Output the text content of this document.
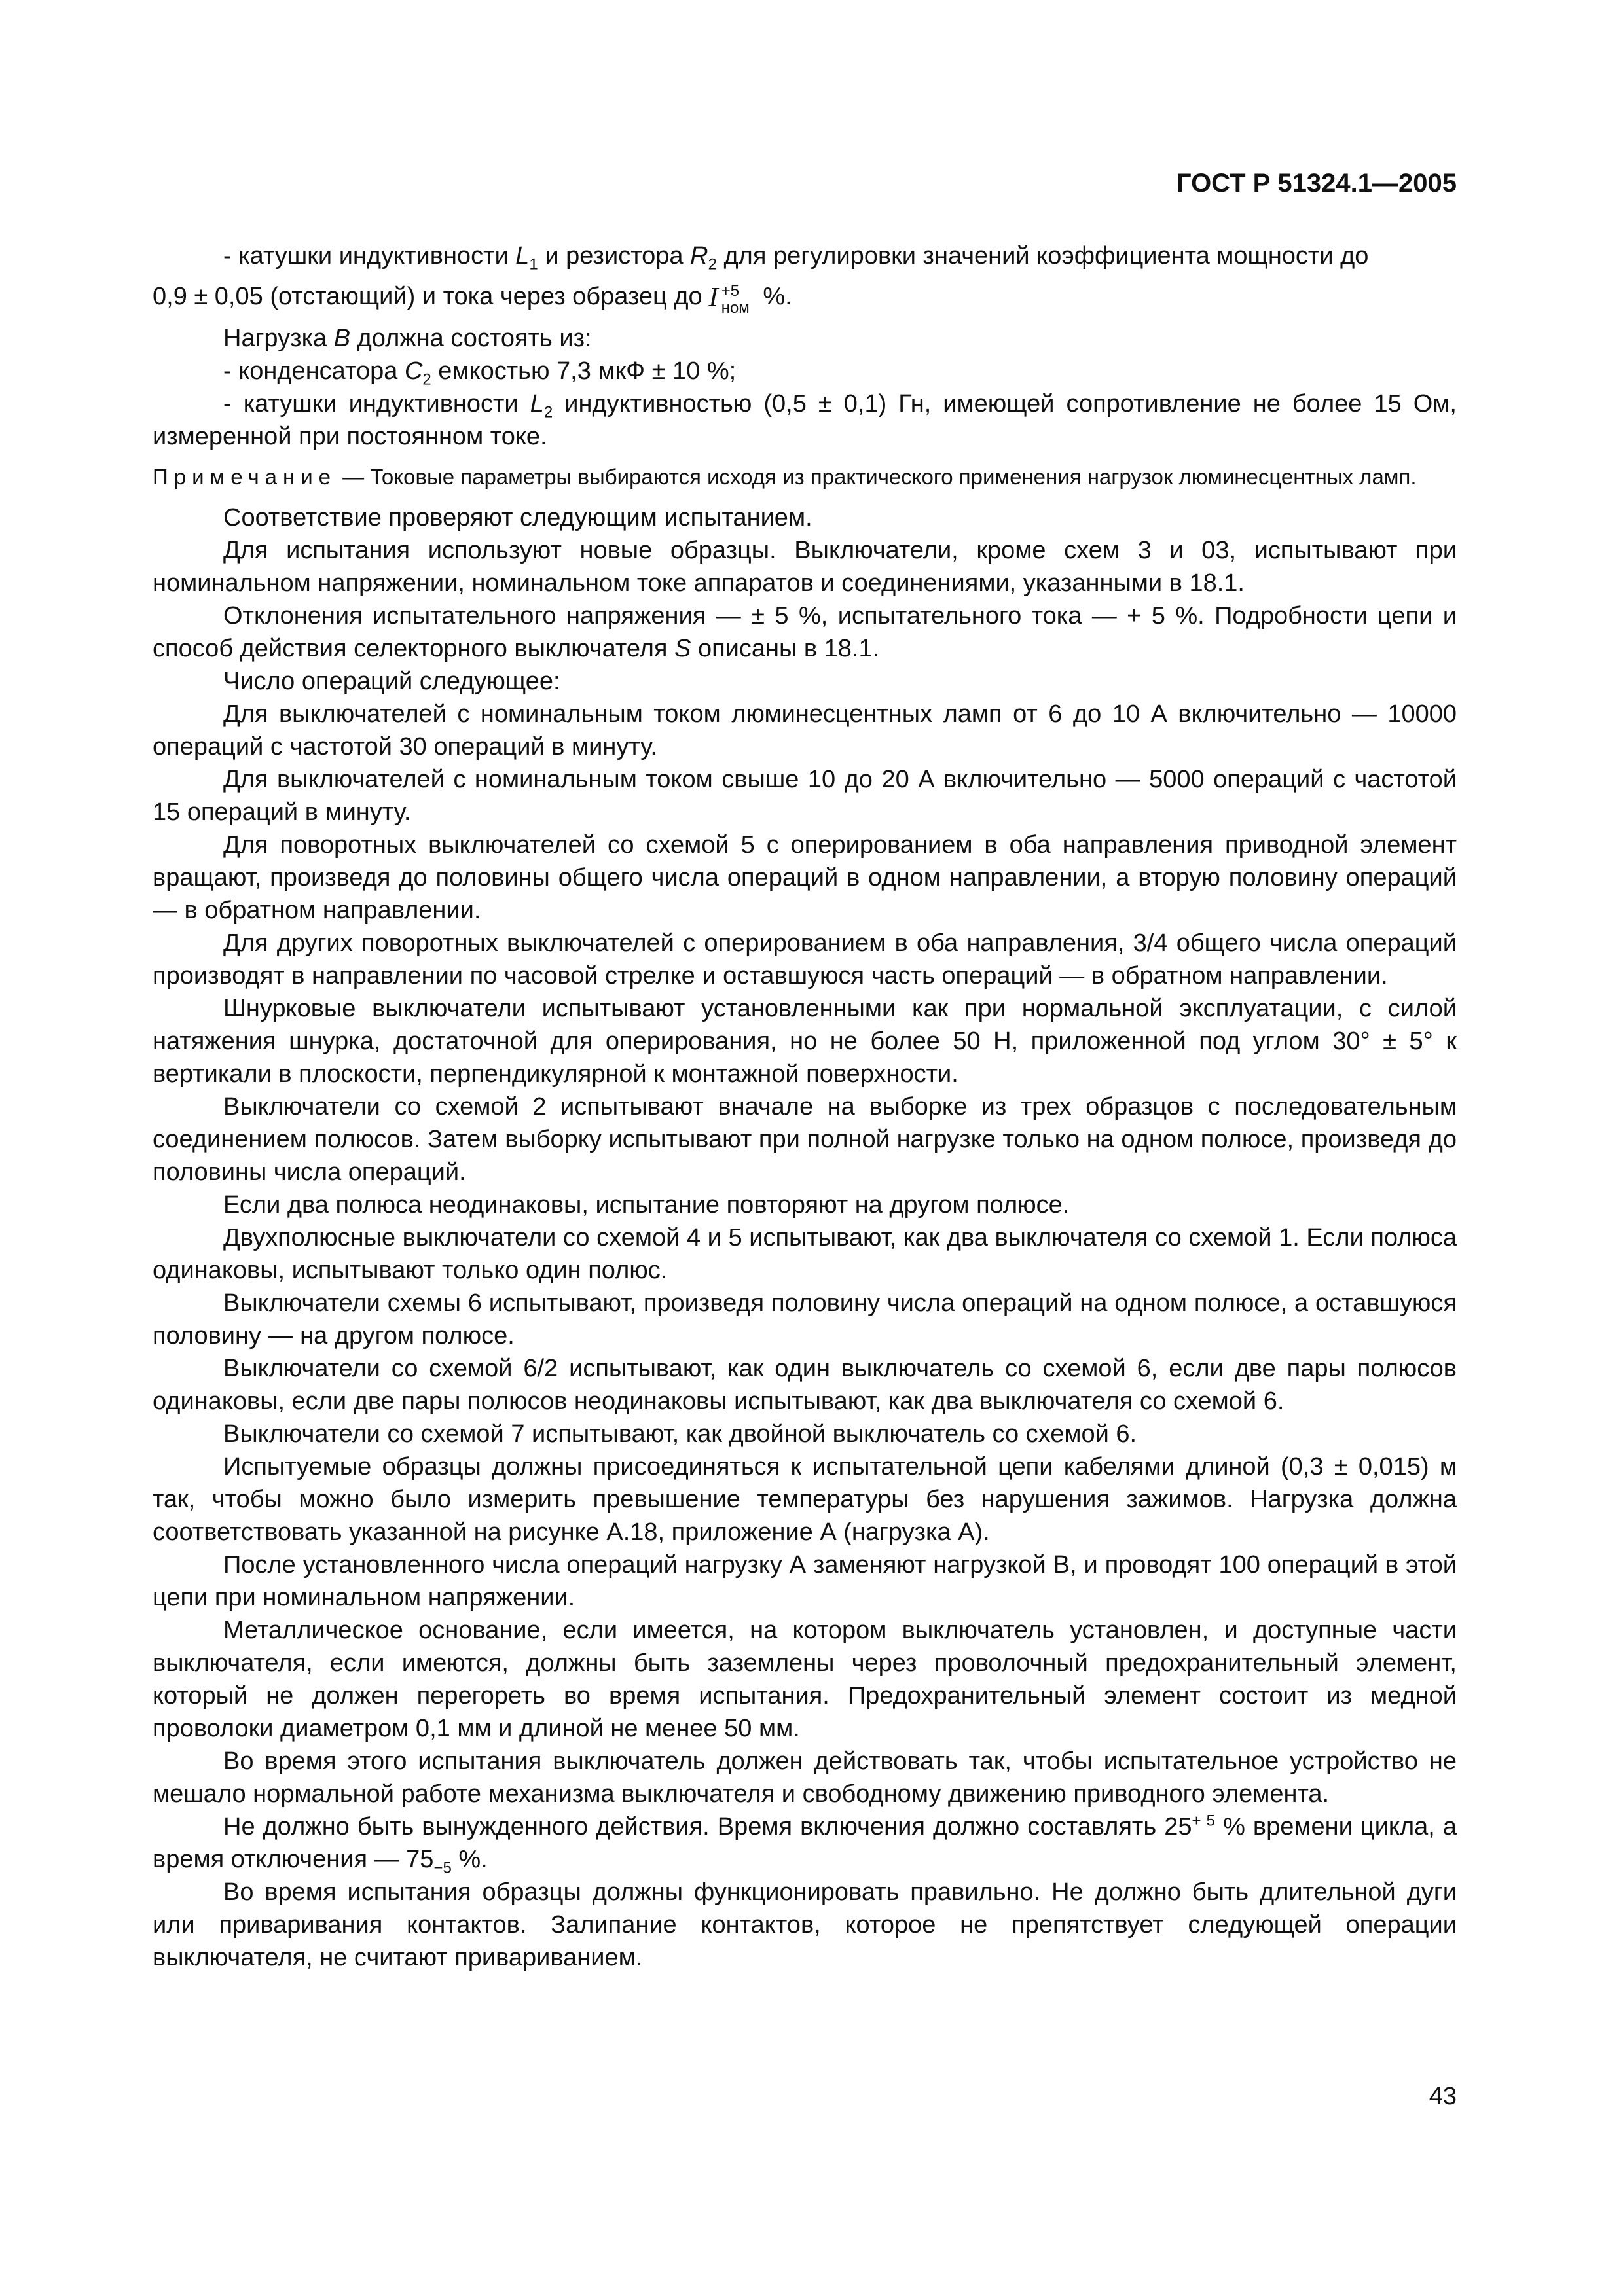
ГОСТ Р 51324.1—2005

- катушки индуктивности $L_1$ и резистора $R_2$ для регулировки значений коэффициента мощности до

0,9 ± 0,05 (отстающий) и тока через образец до I +5
ном %.

Нагрузка B должна состоять из:

- конденсатора $C_2$ емкостью 7,3 мкФ ± 10 %;

- катушки индуктивности $L_2$ индуктивностью (0,5 ± 0,1) Гн, имеющей сопротивление не более 15 Ом, измеренной при постоянном токе.

Примечание — Токовые параметры выбираются исходя из практического применения нагрузок люминесцентных ламп.

Соответствие проверяют следующим испытанием.

Для испытания используют новые образцы. Выключатели, кроме схем 3 и 03, испытывают при номинальном напряжении, номинальном токе аппаратов и соединениями, указанными в 18.1.

Отклонения испытательного напряжения — ± 5 %, испытательного тока — + 5 %. Подробности цепи и способ действия селекторного выключателя S описаны в 18.1.

Число операций следующее:

Для выключателей с номинальным током люминесцентных ламп от 6 до 10 А включительно — 10000 операций с частотой 30 операций в минуту.

Для выключателей с номинальным током свыше 10 до 20 А включительно — 5000 операций с частотой 15 операций в минуту.

Для поворотных выключателей со схемой 5 с оперированием в оба направления приводной элемент вращают, произведя до половины общего числа операций в одном направлении, а вторую половину операций — в обратном направлении.

Для других поворотных выключателей с оперированием в оба направления, 3/4 общего числа операций производят в направлении по часовой стрелке и оставшуюся часть операций — в обратном направлении.

Шнурковые выключатели испытывают установленными как при нормальной эксплуатации, с силой натяжения шнурка, достаточной для оперирования, но не более 50 Н, приложенной под углом 30° ± 5° к вертикали в плоскости, перпендикулярной к монтажной поверхности.

Выключатели со схемой 2 испытывают вначале на выборке из трех образцов с последовательным соединением полюсов. Затем выборку испытывают при полной нагрузке только на одном полюсе, произведя до половины числа операций.

Если два полюса неодинаковы, испытание повторяют на другом полюсе.

Двухполюсные выключатели со схемой 4 и 5 испытывают, как два выключателя со схемой 1. Если полюса одинаковы, испытывают только один полюс.

Выключатели схемы 6 испытывают, произведя половину числа операций на одном полюсе, а оставшуюся половину — на другом полюсе.

Выключатели со схемой 6/2 испытывают, как один выключатель со схемой 6, если две пары полюсов одинаковы, если две пары полюсов неодинаковы испытывают, как два выключателя со схемой 6.

Выключатели со схемой 7 испытывают, как двойной выключатель со схемой 6.

Испытуемые образцы должны присоединяться к испытательной цепи кабелями длиной (0,3 ± 0,015) м так, чтобы можно было измерить превышение температуры без нарушения зажимов. Нагрузка должна соответствовать указанной на рисунке А.18, приложение А (нагрузка А).

После установленного числа операций нагрузку А заменяют нагрузкой В, и проводят 100 операций в этой цепи при номинальном напряжении.

Металлическое основание, если имеется, на котором выключатель установлен, и доступные части выключателя, если имеются, должны быть заземлены через проволочный предохранительный элемент, который не должен перегореть во время испытания. Предохранительный элемент состоит из медной проволоки диаметром 0,1 мм и длиной не менее 50 мм.

Во время этого испытания выключатель должен действовать так, чтобы испытательное устройство не мешало нормальной работе механизма выключателя и свободному движению приводного элемента.

Не должно быть вынужденного действия. Время включения должно составлять $25^{+ 5}$ % времени цикла, а время отключения — $75_{-5}$ %.

Во время испытания образцы должны функционировать правильно. Не должно быть длительной дуги или приваривания контактов. Залипание контактов, которое не препятствует следующей операции выключателя, не считают привариванием.

43
